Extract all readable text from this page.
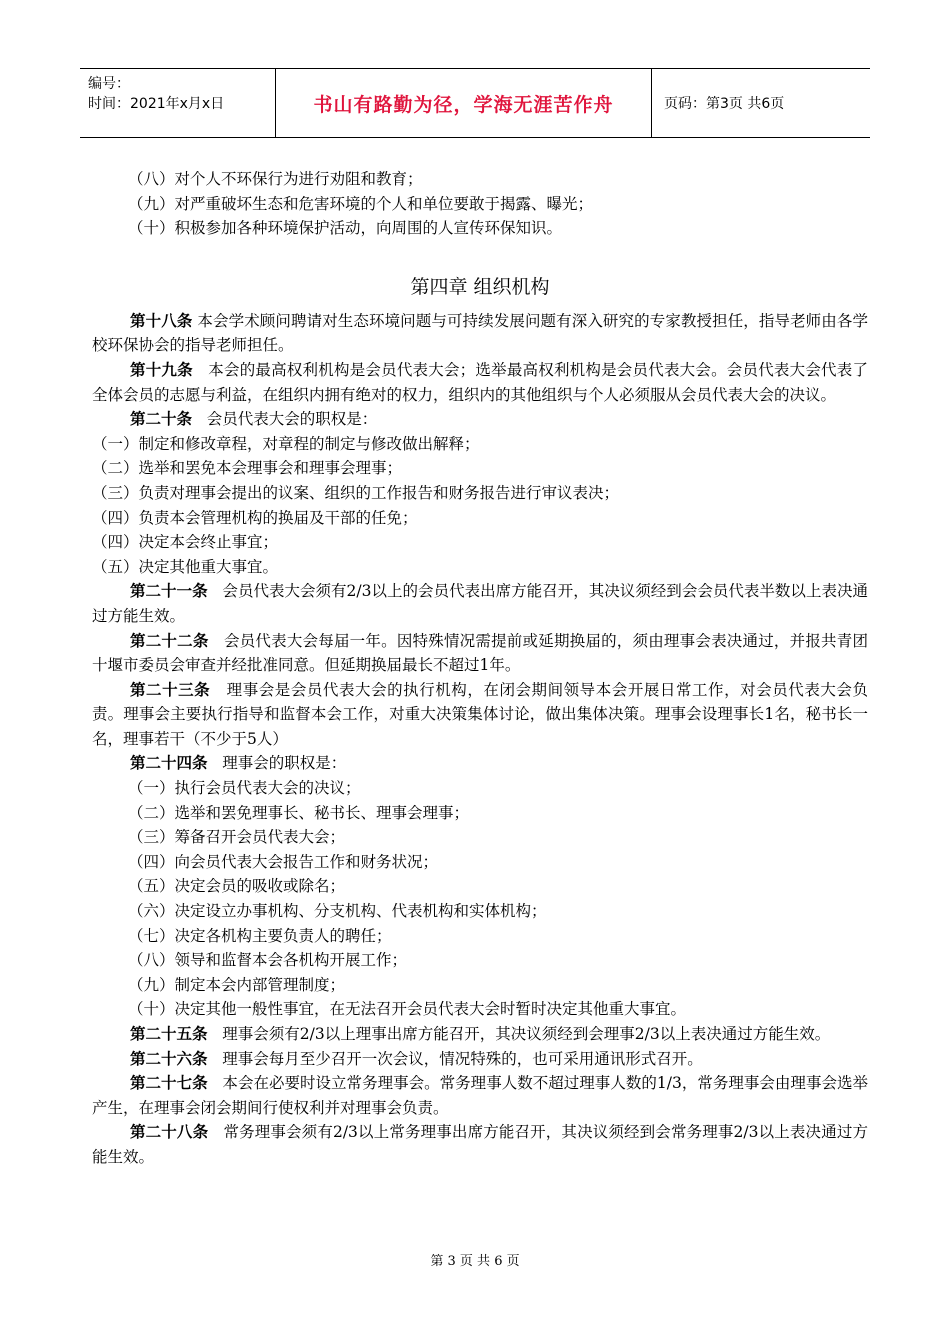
编号：
时间：2021年x月x日	书山有路勤为径，学海无涯苦作舟	页码：第3页 共6页

（八）对个人不环保行为进行劝阻和教育；

（九）对严重破坏生态和危害环境的个人和单位要敢于揭露、曝光；

（十）积极参加各种环境保护活动，向周围的人宣传环保知识。

第四章 组织机构

第十八条 本会学术顾问聘请对生态环境问题与可持续发展问题有深入研究的专家教授担任，指导老师由各学校环保协会的指导老师担任。

第十九条 本会的最高权利机构是会员代表大会；选举最高权利机构是会员代表大会。会员代表大会代表了全体会员的志愿与利益，在组织内拥有绝对的权力，组织内的其他组织与个人必须服从会员代表大会的决议。

第二十条 会员代表大会的职权是：

（一）制定和修改章程，对章程的制定与修改做出解释；

（二）选举和罢免本会理事会和理事会理事；

（三）负责对理事会提出的议案、组织的工作报告和财务报告进行审议表决；

（四）负责本会管理机构的换届及干部的任免；

（四）决定本会终止事宜；

（五）决定其他重大事宜。

第二十一条 会员代表大会须有2/3以上的会员代表出席方能召开，其决议须经到会会员代表半数以上表决通过方能生效。

第二十二条 会员代表大会每届一年。因特殊情况需提前或延期换届的，须由理事会表决通过，并报共青团十堰市委员会审查并经批准同意。但延期换届最长不超过1年。

第二十三条 理事会是会员代表大会的执行机构，在闭会期间领导本会开展日常工作，对会员代表大会负责。理事会主要执行指导和监督本会工作，对重大决策集体讨论，做出集体决策。理事会设理事长1名，秘书长一名，理事若干（不少于5人）

第二十四条 理事会的职权是：

（一）执行会员代表大会的决议；

（二）选举和罢免理事长、秘书长、理事会理事；

（三）筹备召开会员代表大会；

（四）向会员代表大会报告工作和财务状况；

（五）决定会员的吸收或除名；

（六）决定设立办事机构、分支机构、代表机构和实体机构；

（七）决定各机构主要负责人的聘任；

（八）领导和监督本会各机构开展工作；

（九）制定本会内部管理制度；

（十）决定其他一般性事宜，在无法召开会员代表大会时暂时决定其他重大事宜。

第二十五条 理事会须有2/3以上理事出席方能召开，其决议须经到会理事2/3以上表决通过方能生效。

第二十六条 理事会每月至少召开一次会议，情况特殊的，也可采用通讯形式召开。

第二十七条 本会在必要时设立常务理事会。常务理事人数不超过理事人数的1/3，常务理事会由理事会选举产生，在理事会闭会期间行使权利并对理事会负责。

第二十八条 常务理事会须有2/3以上常务理事出席方能召开，其决议须经到会常务理事2/3以上表决通过方能生效。

第 3 页 共 6 页
